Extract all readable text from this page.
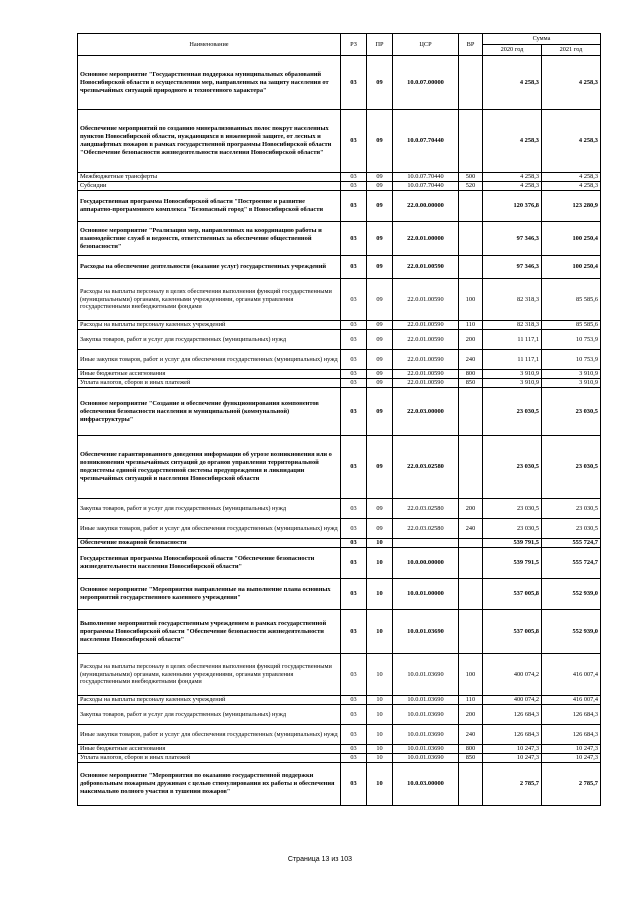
Наименование	РЗ	ПР	ЦСР	ВР	Сумма	
					2020 год	2021 год
Основное мероприятие "Государственная поддержка муниципальных образований Новосибирской области в осуществлении мер, направленных на защиту населения от чрезвычайных ситуаций природного и техногенного характера"	03	09	10.0.07.00000		4 258,3	4 258,3
Обеспечение мероприятий по созданию минерализованных полос покрут населенных пунктов Новосибирской области, нуждающихся в инженерной защите, от лесных и ландшафтных пожаров в рамках государственной программы Новосибирской области "Обеспечение безопасности жизнедеятельности населения Новосибирской области"	03	09	10.0.07.70440		4 258,3	4 258,3
Межбюджетные трансферты	03	09	10.0.07.70440	500	4 258,3	4 258,3
Субсидии	03	09	10.0.07.70440	520	4 258,3	4 258,3
Государственная программа Новосибирской области "Построение и развитие аппаратно-программного комплекса "Безопасный город" в Новосибирской области	03	09	22.0.00.00000		120 376,8	123 280,9
Основное мероприятие "Реализация мер, направленных на координацию работы и взаимодействие служб и ведомств, ответственных за обеспечение общественной безопасности"	03	09	22.0.01.00000		97 346,3	100 250,4
Расходы на обеспечение деятельности (оказание услуг) государственных учреждений	03	09	22.0.01.00590		97 346,3	100 250,4
Расходы на выплаты персоналу в целях обеспечения выполнения функций государственными (муниципальными) органами, казенными учреждениями, органами управления государственными внебюджетными фондами	03	09	22.0.01.00590	100	82 318,3	85 585,6
Расходы на выплаты персоналу казенных учреждений	03	09	22.0.01.00590	110	82 318,3	85 585,6
Закупка товаров, работ и услуг для государственных (муниципальных) нужд	03	09	22.0.01.00590	200	11 117,1	10 753,9
Иные закупки товаров, работ и услуг для обеспечения государственных (муниципальных) нужд	03	09	22.0.01.00590	240	11 117,1	10 753,9
Иные бюджетные ассигнования	03	09	22.0.01.00590	800	3 910,9	3 910,9
Уплата налогов, сборов и иных платежей	03	09	22.0.01.00590	850	3 910,9	3 910,9
Основное мероприятие "Создание и обеспечение функционирования компонентов обеспечения безопасности населения и муниципальной (коммунальной) инфраструктуры"	03	09	22.0.03.00000		23 030,5	23 030,5
Обеспечение гарантированного доведения информации об угрозе возникновения или о возникновении чрезвычайных ситуаций до органов управления территориальной подсистемы единой государственной системы предупреждения и ликвидации чрезвычайных ситуаций и населения Новосибирской области	03	09	22.0.03.02580		23 030,5	23 030,5
Закупка товаров, работ и услуг для государственных (муниципальных) нужд	03	09	22.0.03.02580	200	23 030,5	23 030,5
Иные закупки товаров, работ и услуг для обеспечения государственных (муниципальных) нужд	03	09	22.0.03.02580	240	23 030,5	23 030,5
Обеспечение пожарной безопасности	03	10			539 791,5	555 724,7
Государственная программа Новосибирской области "Обеспечение безопасности жизнедеятельности населения Новосибирской области"	03	10	10.0.00.00000		539 791,5	555 724,7
Основное мероприятие "Мероприятия направленные на выполнение плана основных мероприятий государственного казенного учреждения"	03	10	10.0.01.00000		537 005,8	552 939,0
Выполнение мероприятий государственным учреждением в рамках государственной программы Новосибирской области "Обеспечение безопасности жизнедеятельности населения Новосибирской области"	03	10	10.0.01.03690		537 005,8	552 939,0
Расходы на выплаты персоналу в целях обеспечения выполнения функций государственными (муниципальными) органами, казенными учреждениями, органами управления государственными внебюджетными фондами	03	10	10.0.01.03690	100	400 074,2	416 007,4
Расходы на выплаты персоналу казенных учреждений	03	10	10.0.01.03690	110	400 074,2	416 007,4
Закупка товаров, работ и услуг для государственных (муниципальных) нужд	03	10	10.0.01.03690	200	126 684,3	126 684,3
Иные закупки товаров, работ и услуг для обеспечения государственных (муниципальных) нужд	03	10	10.0.01.03690	240	126 684,3	126 684,3
Иные бюджетные ассигнования	03	10	10.0.01.03690	800	10 247,3	10 247,3
Уплата налогов, сборов и иных платежей	03	10	10.0.01.03690	850	10 247,3	10 247,3
Основное мероприятие "Мероприятия по оказанию государственной поддержки добровольным пожарным дружинам с целью стимулирования их работы и обеспечения максимально полного участия в тушении пожаров"	03	10	10.0.03.00000		2 785,7	2 785,7
Страница 13 из 103
